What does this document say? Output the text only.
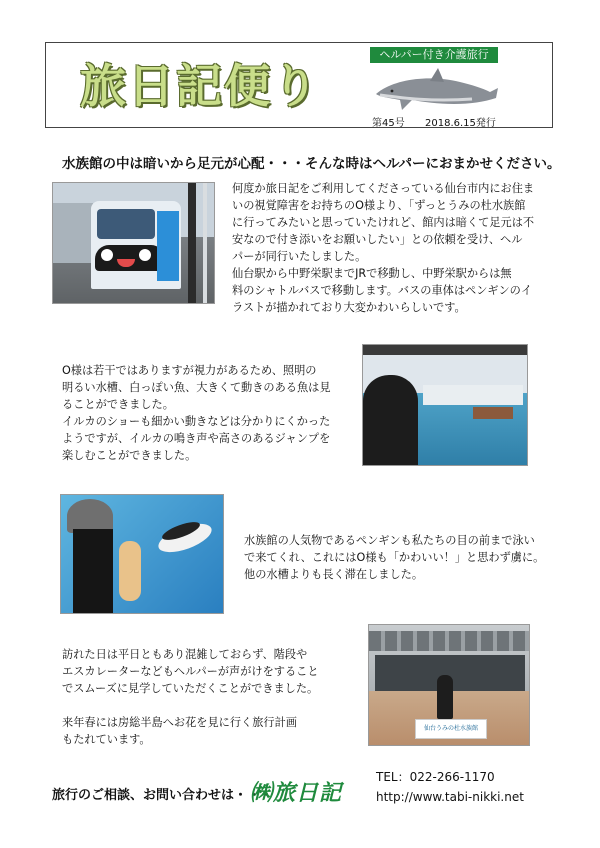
旅日記便り
ヘルパー付き介護旅行
第45号 2018.6.15発行
水族館の中は暗いから足元が心配・・・そんな時はヘルパーにおまかせください。
何度か旅日記をご利用してくださっている仙台市内にお住ま
いの視覚障害をお持ちのO様より、「ずっとうみの杜水族館
に行ってみたいと思っていたけれど、館内は暗くて足元は不
安なので付き添いをお願いしたい」との依頼を受け、ヘル
パーが同行いたしました。
仙台駅から中野栄駅までJRで移動し、中野栄駅からは無
料のシャトルバスで移動します。バスの車体はペンギンのイ
ラストが描かれており大変かわいらしいです。
O様は若干ではありますが視力があるため、照明の
明るい水槽、白っぽい魚、大きくて動きのある魚は見
ることができました。
イルカのショーも細かい動きなどは分かりにくかった
ようですが、イルカの鳴き声や高さのあるジャンプを
楽しむことができました。
水族館の人気物であるペンギンも私たちの目の前まで泳い
で来てくれ、これにはO様も「かわいい！」と思わず虜に。
他の水槽よりも長く滞在しました。
訪れた日は平日ともあり混雑しておらず、階段や
エスカレーターなどもヘルパーが声がけをすること
でスムーズに見学していただくことができました。
来年春には房総半島へお花を見に行く旅行計画
もたれています。
仙台うみの杜水族館
旅行のご相談、お問い合わせは・・・
㈱旅日記
TEL：022-266-1170
http://www.tabi-nikki.net
